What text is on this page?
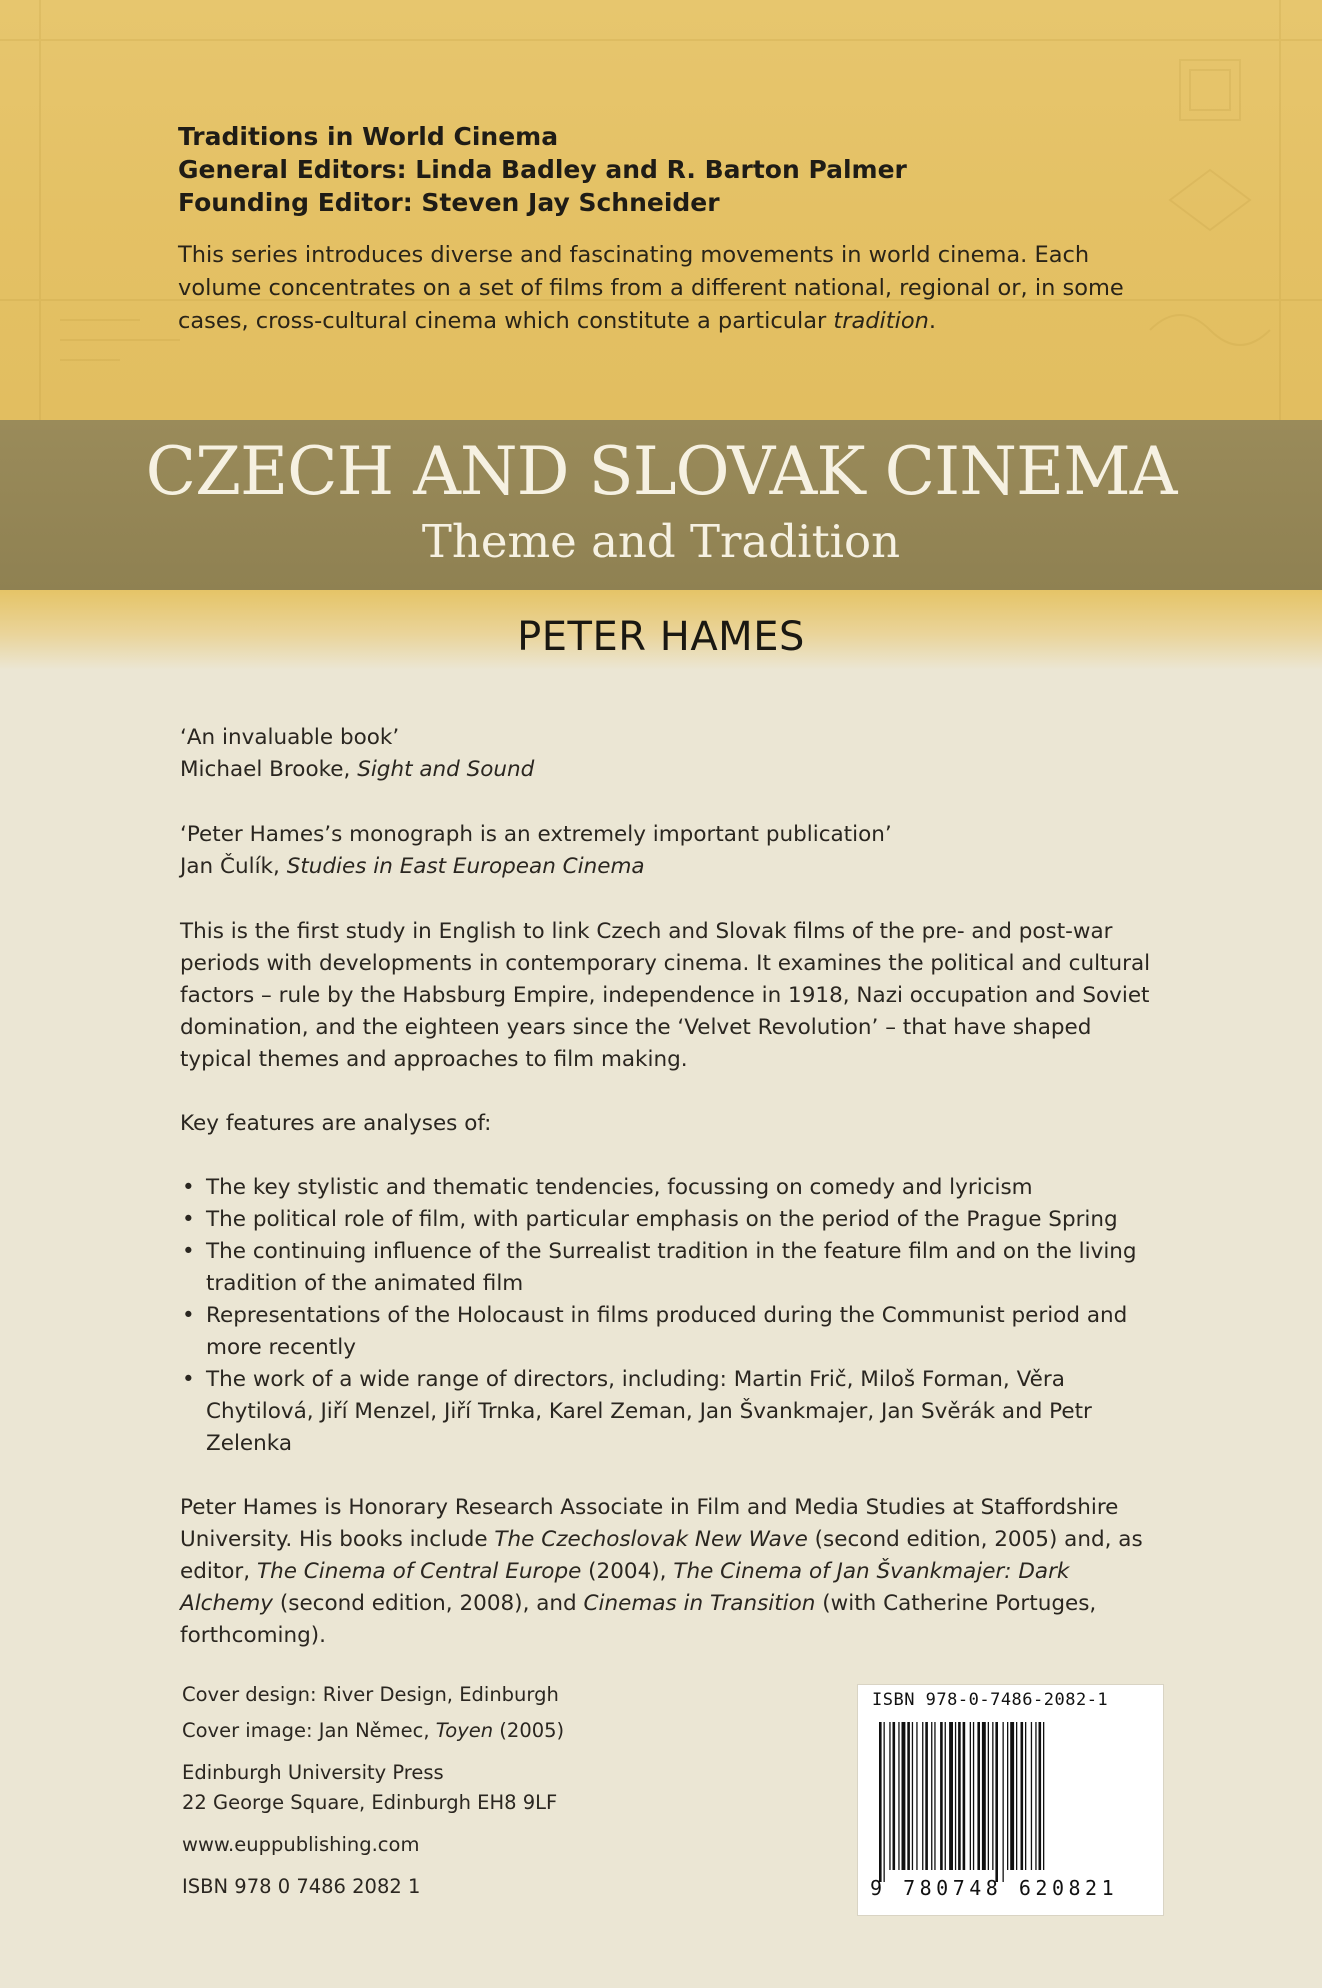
Traditions in World Cinema
General Editors: Linda Badley and R. Barton Palmer
Founding Editor: Steven Jay Schneider
This series introduces diverse and fascinating movements in world cinema. Each volume concentrates on a set of films from a different national, regional or, in some cases, cross-cultural cinema which constitute a particular tradition.
CZECH AND SLOVAK CINEMA
Theme and Tradition
PETER HAMES

‘An invaluable book’
Michael Brooke, Sight and Sound

‘Peter Hames’s monograph is an extremely important publication’
Jan Čulík, Studies in East European Cinema

This is the first study in English to link Czech and Slovak films of the pre- and post-war periods with developments in contemporary cinema. It examines the political and cultural factors – rule by the Habsburg Empire, independence in 1918, Nazi occupation and Soviet domination, and the eighteen years since the ‘Velvet Revolution’ – that have shaped typical themes and approaches to film making.

Key features are analyses of:

• The key stylistic and thematic tendencies, focussing on comedy and lyricism
• The political role of film, with particular emphasis on the period of the Prague Spring
• The continuing influence of the Surrealist tradition in the feature film and on the living tradition of the animated film
• Representations of the Holocaust in films produced during the Communist period and more recently
• The work of a wide range of directors, including: Martin Frič, Miloš Forman, Věra Chytilová, Jiří Menzel, Jiří Trnka, Karel Zeman, Jan Švankmajer, Jan Svěrák and Petr Zelenka

Peter Hames is Honorary Research Associate in Film and Media Studies at Staffordshire University. His books include The Czechoslovak New Wave (second edition, 2005) and, as editor, The Cinema of Central Europe (2004), The Cinema of Jan Švankmajer: Dark Alchemy (second edition, 2008), and Cinemas in Transition (with Catherine Portuges, forthcoming).

Cover design: River Design, Edinburgh
Cover image: Jan Němec, Toyen (2005)
Edinburgh University Press
22 George Square, Edinburgh EH8 9LF
www.euppublishing.com
ISBN 978 0 7486 2082 1
ISBN 978-0-7486-2082-1
9 780748 620821
